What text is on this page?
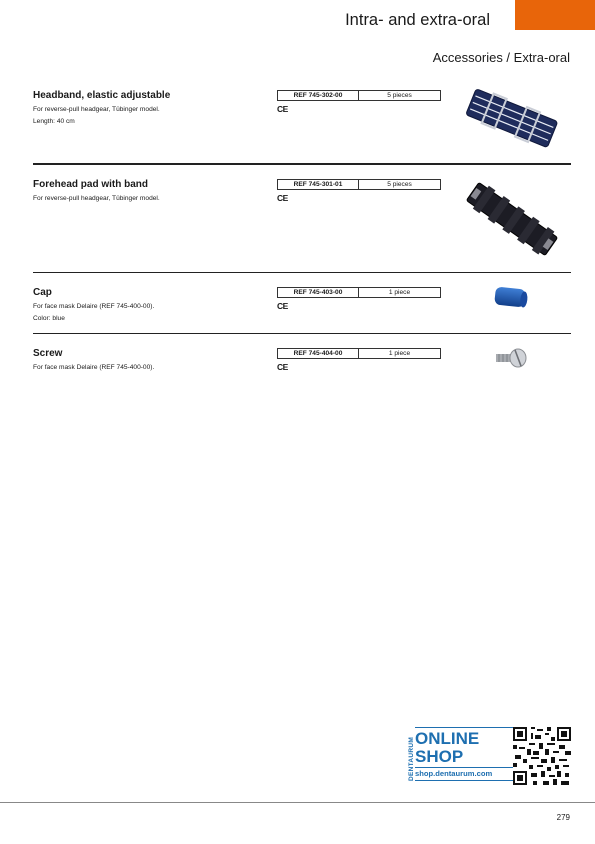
Intra- and extra-oral
Accessories / Extra-oral
Headband, elastic adjustable
For reverse-pull headgear, Tübinger model.
Length: 40 cm
REF 745-302-00	5 pieces
CE
Forehead pad with band
For reverse-pull headgear, Tübinger model.
REF 745-301-01	5 pieces
CE
Cap
For face mask Delaire (REF 745-400-00).
Color: blue
REF 745-403-00	1 piece
CE
Screw
For face mask Delaire (REF 745-400-00).
REF 745-404-00	1 piece
CE
DENTAURUM ONLINE
SHOP
shop.dentaurum.com
279
